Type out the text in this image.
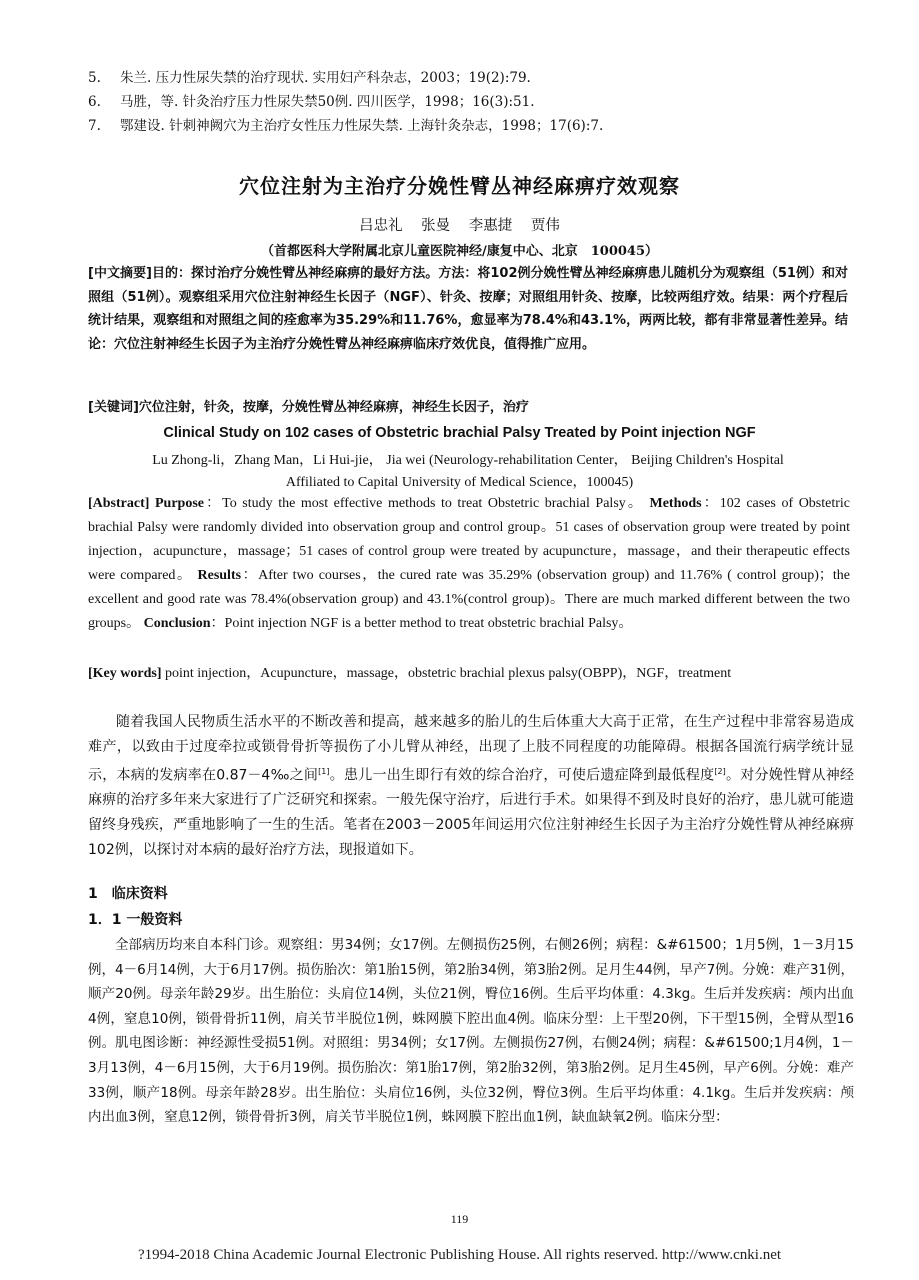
5. 朱兰. 压力性尿失禁的治疗现状. 实用妇产科杂志，2003；19(2):79.
6. 马胜，等. 针灸治疗压力性尿失禁50例. 四川医学，1998；16(3):51.
7. 鄂建设. 针刺神阙穴为主治疗女性压力性尿失禁. 上海针灸杂志，1998；17(6):7.
穴位注射为主治疗分娩性臂丛神经麻痹疗效观察
吕忠礼 张曼 李惠捷 贾伟
（首都医科大学附属北京儿童医院神经/康复中心、北京　100045）
[中文摘要]目的：探讨治疗分娩性臂丛神经麻痹的最好方法。方法：将102例分娩性臂丛神经麻痹患儿随机分为观察组（51例）和对照组（51例）。观察组采用穴位注射神经生长因子（NGF）、针灸、按摩；对照组用针灸、按摩，比较两组疗效。结果：两个疗程后统计结果，观察组和对照组之间的痊愈率为35.29%和11.76%，愈显率为78.4%和43.1%，两两比较，都有非常显著性差异。结论：穴位注射神经生长因子为主治疗分娩性臂丛神经麻痹临床疗效优良，值得推广应用。
[关键词]穴位注射，针灸，按摩，分娩性臂丛神经麻痹，神经生长因子，治疗
Clinical Study on 102 cases of Obstetric brachial Palsy Treated by Point injection NGF
Lu Zhong-li，Zhang Man，Li Hui-jie， Jia wei (Neurology-rehabilitation Center， Beijing Children's Hospital
Affiliated to Capital University of Medical Science，100045)
[Abstract] Purpose：To study the most effective methods to treat Obstetric brachial Palsy。 Methods：102 cases of Obstetric brachial Palsy were randomly divided into observation group and control group。51 cases of observation group were treated by point injection，acupuncture，massage；51 cases of control group were treated by acupuncture，massage，and their therapeutic effects were compared。 Results：After two courses，the cured rate was 35.29% (observation group) and 11.76% ( control group)；the excellent and good rate was 78.4%(observation group) and 43.1%(control group)。There are much marked different between the two groups。 Conclusion：Point injection NGF is a better method to treat obstetric brachial Palsy。
[Key words] point injection，Acupuncture，massage，obstetric brachial plexus palsy(OBPP)，NGF，treatment

随着我国人民物质生活水平的不断改善和提高，越来越多的胎儿的生后体重大大高于正常，在生产过程中非常容易造成难产，以致由于过度牵拉或锁骨骨折等损伤了小儿臂从神经，出现了上肢不同程度的功能障碍。根据各国流行病学统计显示，本病的发病率在0.87－4‰之间[1]。患儿一出生即行有效的综合治疗，可使后遗症降到最低程度[2]。对分娩性臂从神经麻痹的治疗多年来大家进行了广泛研究和探索。一般先保守治疗，后进行手术。如果得不到及时良好的治疗，患儿就可能遗留终身残疾，严重地影响了一生的生活。笔者在2003－2005年间运用穴位注射神经生长因子为主治疗分娩性臂从神经麻痹102例，以探讨对本病的最好治疗方法，现报道如下。

1　临床资料
1．1 一般资料

全部病历均来自本科门诊。观察组：男34例；女17例。左侧损伤25例，右侧26例；病程：&#61500；1月5例，1－3月15例，4－6月14例，大于6月17例。损伤胎次：第1胎15例，第2胎34例，第3胎2例。足月生44例，早产7例。分娩：难产31例，顺产20例。母亲年龄29岁。出生胎位：头肩位14例，头位21例，臀位16例。生后平均体重：4.3kg。生后并发疾病：颅内出血4例，窒息10例，锁骨骨折11例，肩关节半脱位1例，蛛网膜下腔出血4例。临床分型：上干型20例，下干型15例，全臂从型16例。肌电图诊断：神经源性受损51例。对照组：男34例；女17例。左侧损伤27例，右侧24例；病程：&#61500;1月4例，1－3月13例，4－6月15例，大于6月19例。损伤胎次：第1胎17例，第2胎32例，第3胎2例。足月生45例，早产6例。分娩：难产33例，顺产18例。母亲年龄28岁。出生胎位：头肩位16例，头位32例，臀位3例。生后平均体重：4.1kg。生后并发疾病：颅内出血3例，窒息12例，锁骨骨折3例，肩关节半脱位1例，蛛网膜下腔出血1例，缺血缺氧2例。临床分型：

119
?1994-2018 China Academic Journal Electronic Publishing House. All rights reserved. http://www.cnki.net
